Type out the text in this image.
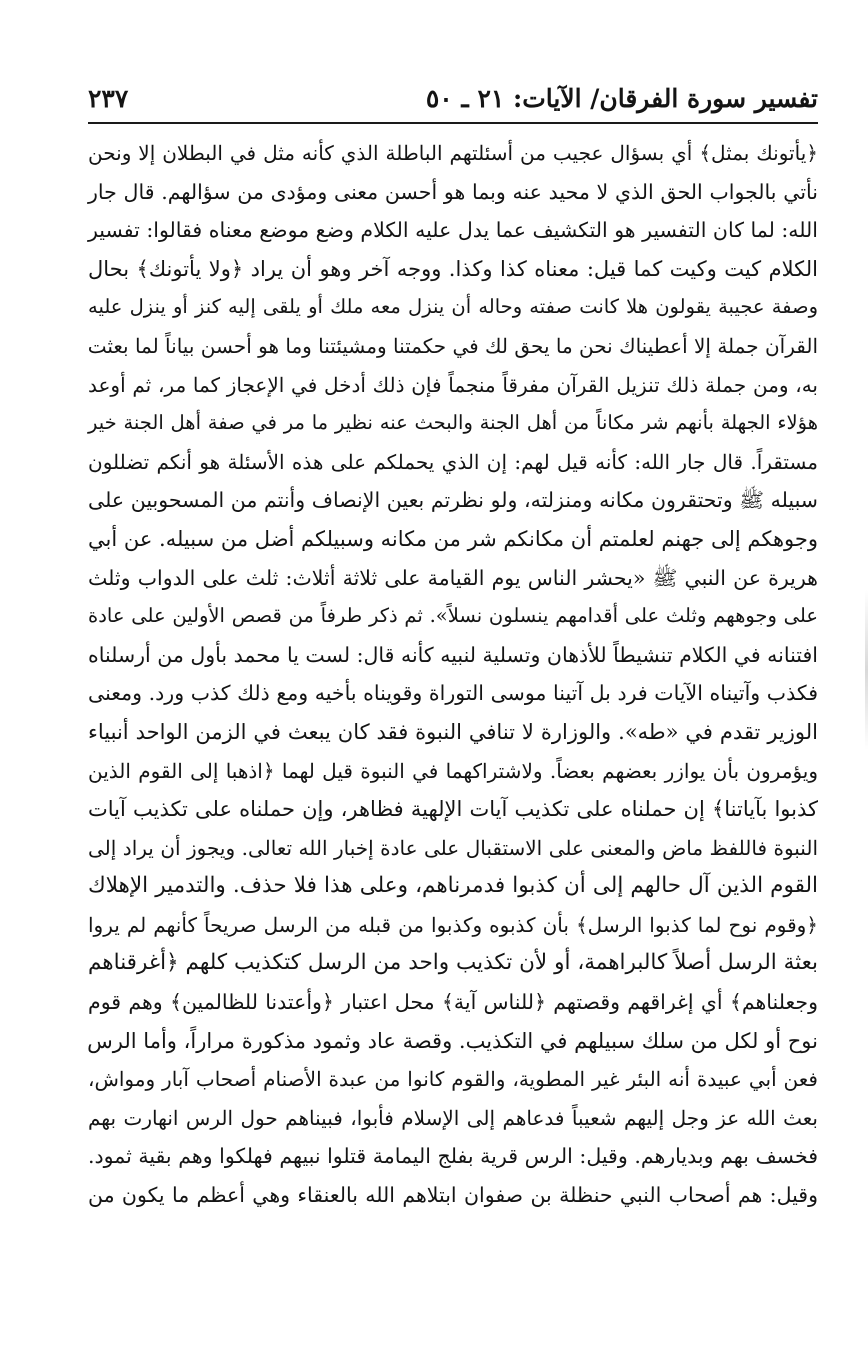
تفسير سورة الفرقان/ الآيات: ٢١ ـ ٥٠
٢٣٧
﴿يأتونك بمثل﴾ أي بسؤال عجيب من أسئلتهم الباطلة الذي كأنه مثل في البطلان إلا ونحن
نأتي بالجواب الحق الذي لا محيد عنه وبما هو أحسن معنى ومؤدى من سؤالهم. قال جار
الله: لما كان التفسير هو التكشيف عما يدل عليه الكلام وضع موضع معناه فقالوا: تفسير
الكلام كيت وكيت كما قيل: معناه كذا وكذا. ووجه آخر وهو أن يراد ﴿ولا يأتونك﴾ بحال
وصفة عجيبة يقولون هلا كانت صفته وحاله أن ينزل معه ملك أو يلقى إليه كنز أو ينزل عليه
القرآن جملة إلا أعطيناك نحن ما يحق لك في حكمتنا ومشيئتنا وما هو أحسن بياناً لما بعثت
به، ومن جملة ذلك تنزيل القرآن مفرقاً منجماً فإن ذلك أدخل في الإعجاز كما مر، ثم أوعد
هؤلاء الجهلة بأنهم شر مكاناً من أهل الجنة والبحث عنه نظير ما مر في صفة أهل الجنة خير
مستقراً. قال جار الله: كأنه قيل لهم: إن الذي يحملكم على هذه الأسئلة هو أنكم تضللون
سبيله ﷺ وتحتقرون مكانه ومنزلته، ولو نظرتم بعين الإنصاف وأنتم من المسحوبين على
وجوهكم إلى جهنم لعلمتم أن مكانكم شر من مكانه وسبيلكم أضل من سبيله. عن أبي
هريرة عن النبي ﷺ «يحشر الناس يوم القيامة على ثلاثة أثلاث: ثلث على الدواب وثلث
على وجوههم وثلث على أقدامهم ينسلون نسلاً». ثم ذكر طرفاً من قصص الأولين على عادة
افتنانه في الكلام تنشيطاً للأذهان وتسلية لنبيه كأنه قال: لست يا محمد بأول من أرسلناه
فكذب وآتيناه الآيات فرد بل آتينا موسى التوراة وقويناه بأخيه ومع ذلك كذب ورد. ومعنى
الوزير تقدم في «طه». والوزارة لا تنافي النبوة فقد كان يبعث في الزمن الواحد أنبياء
ويؤمرون بأن يوازر بعضهم بعضاً. ولاشتراكهما في النبوة قيل لهما ﴿اذهبا إلى القوم الذين
كذبوا بآياتنا﴾ إن حملناه على تكذيب آيات الإلهية فظاهر، وإن حملناه على تكذيب آيات
النبوة فاللفظ ماض والمعنى على الاستقبال على عادة إخبار الله تعالى. ويجوز أن يراد إلى
القوم الذين آل حالهم إلى أن كذبوا فدمرناهم، وعلى هذا فلا حذف. والتدمير الإهلاك
﴿وقوم نوح لما كذبوا الرسل﴾ بأن كذبوه وكذبوا من قبله من الرسل صريحاً كأنهم لم يروا
بعثة الرسل أصلاً كالبراهمة، أو لأن تكذيب واحد من الرسل كتكذيب كلهم ﴿أغرقناهم
وجعلناهم﴾ أي إغراقهم وقصتهم ﴿للناس آية﴾ محل اعتبار ﴿وأعتدنا للظالمين﴾ وهم قوم
نوح أو لكل من سلك سبيلهم في التكذيب. وقصة عاد وثمود مذكورة مراراً، وأما الرس
فعن أبي عبيدة أنه البئر غير المطوية، والقوم كانوا من عبدة الأصنام أصحاب آبار ومواش،
بعث الله عز وجل إليهم شعيباً فدعاهم إلى الإسلام فأبوا، فبيناهم حول الرس انهارت بهم
فخسف بهم وبديارهم. وقيل: الرس قرية بفلج اليمامة قتلوا نبيهم فهلكوا وهم بقية ثمود.
وقيل: هم أصحاب النبي حنظلة بن صفوان ابتلاهم الله بالعنقاء وهي أعظم ما يكون من
